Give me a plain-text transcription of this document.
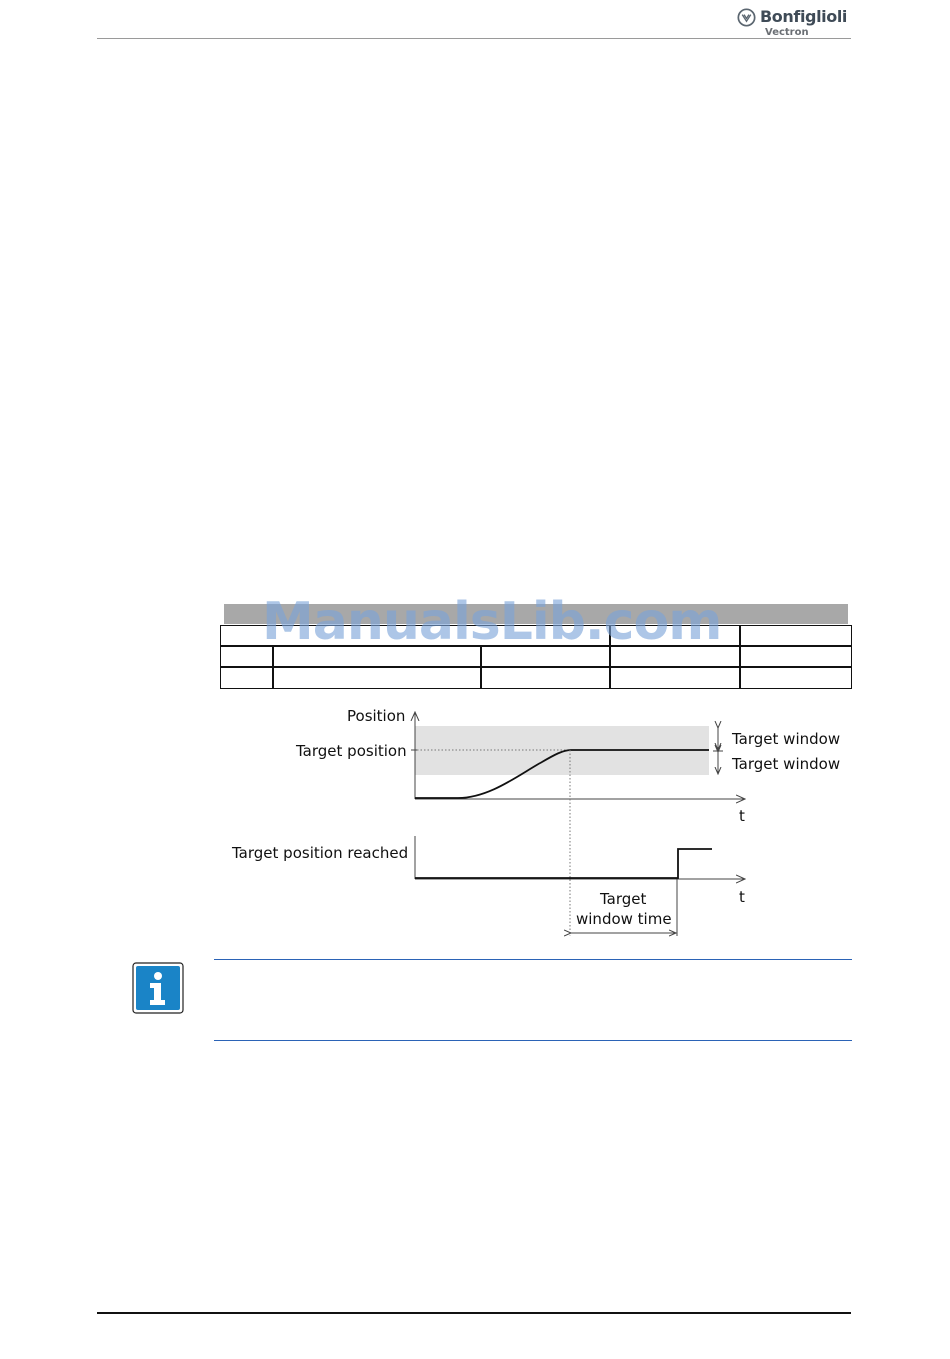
Bonfiglioli
Vectron
ManualsLib.com
Position
Target position
Target window
Target window
t
Target position reached
t
Target
window time
